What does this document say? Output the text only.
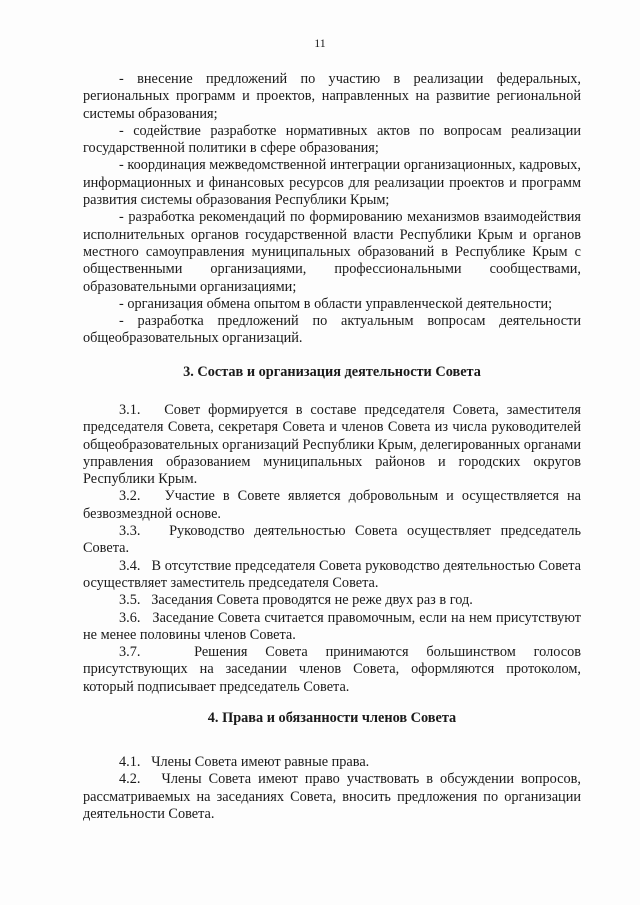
11

- внесение предложений по участию в реализации федеральных, региональных программ и проектов, направленных на развитие региональной системы образования;

- содействие разработке нормативных актов по вопросам реализации государственной политики в сфере образования;

- координация межведомственной интеграции организационных, кадровых, информационных и финансовых ресурсов для реализации проектов и программ развития системы образования Республики Крым;

- разработка рекомендаций по формированию механизмов взаимодействия исполнительных органов государственной власти Республики Крым и органов местного самоуправления муниципальных образований в Республике Крым с общественными организациями, профессиональными сообществами, образовательными организациями;

- организация обмена опытом в области управленческой деятельности;

- разработка предложений по актуальным вопросам деятельности общеобразовательных организаций.

3. Состав и организация деятельности Совета

3.1. Совет формируется в составе председателя Совета, заместителя председателя Совета, секретаря Совета и членов Совета из числа руководителей общеобразовательных организаций Республики Крым, делегированных органами управления образованием муниципальных районов и городских округов Республики Крым.

3.2. Участие в Совете является добровольным и осуществляется на безвозмездной основе.

3.3. Руководство деятельностью Совета осуществляет председатель Совета.

3.4. В отсутствие председателя Совета руководство деятельностью Совета осуществляет заместитель председателя Совета.

3.5. Заседания Совета проводятся не реже двух раз в год.

3.6. Заседание Совета считается правомочным, если на нем присутствуют не менее половины членов Совета.

3.7.	Решения Совета принимаются большинством голосов присутствующих на заседании членов Совета, оформляются протоколом, который подписывает председатель Совета.

4. Права и обязанности членов Совета

4.1. Члены Совета имеют равные права.

4.2. Члены Совета имеют право участвовать в обсуждении вопросов, рассматриваемых на заседаниях Совета, вносить предложения по организации деятельности Совета.
